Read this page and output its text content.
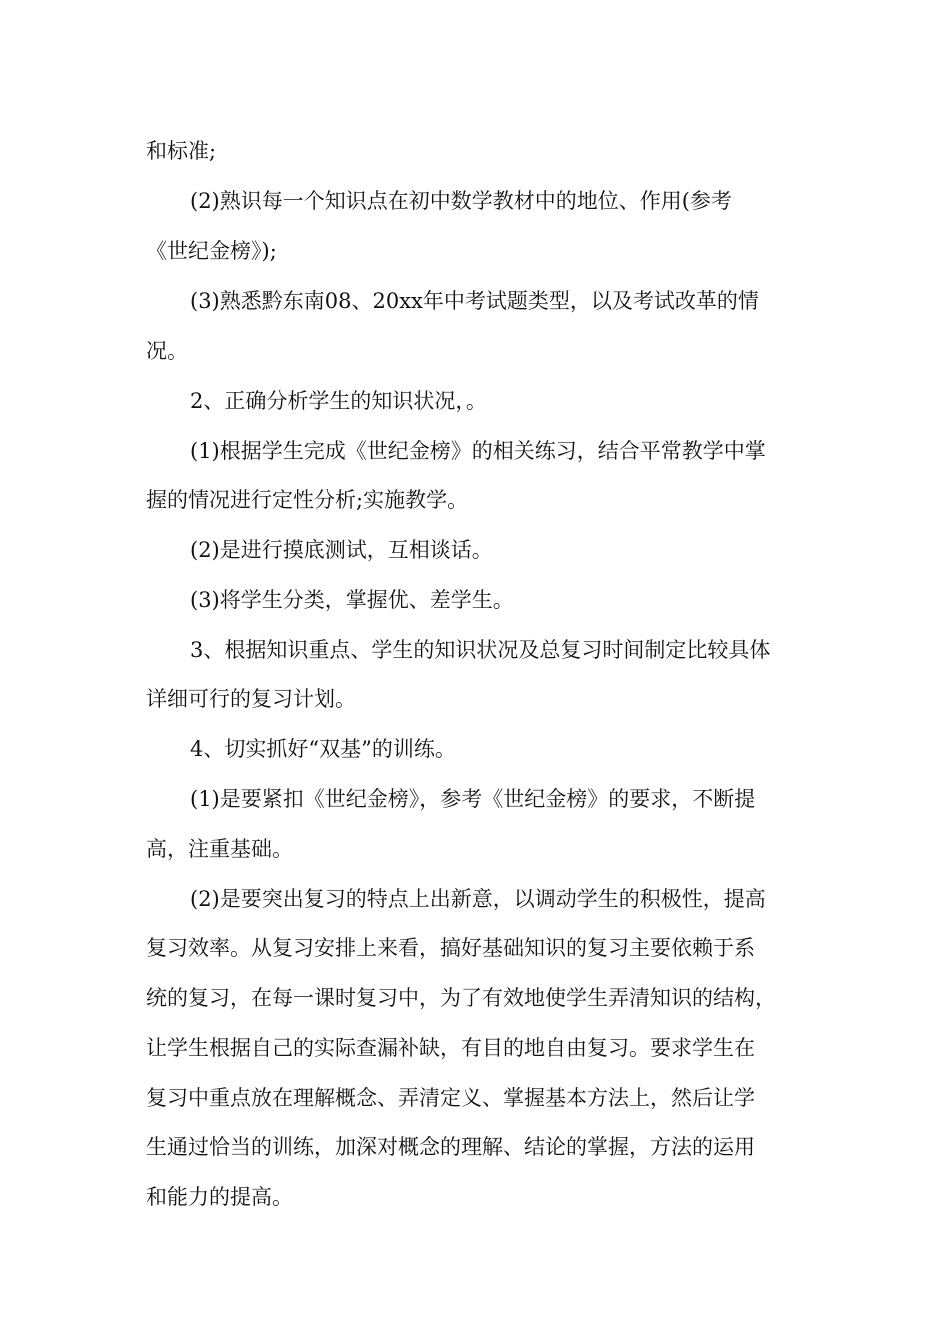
和标准;
(2)熟识每一个知识点在初中数学教材中的地位、作用(参考
《世纪金榜》);
(3)熟悉黔东南08、20xx年中考试题类型，以及考试改革的情
况。
2、正确分析学生的知识状况，。
(1)根据学生完成《世纪金榜》的相关练习，结合平常教学中掌
握的情况进行定性分析;实施教学。
(2)是进行摸底测试，互相谈话。
(3)将学生分类，掌握优、差学生。
3、根据知识重点、学生的知识状况及总复习时间制定比较具体
详细可行的复习计划。
4、切实抓好“双基”的训练。
(1)是要紧扣《世纪金榜》，参考《世纪金榜》的要求，不断提
高，注重基础。
(2)是要突出复习的特点上出新意，以调动学生的积极性，提高
复习效率。从复习安排上来看，搞好基础知识的复习主要依赖于系
统的复习，在每一课时复习中，为了有效地使学生弄清知识的结构，
让学生根据自己的实际查漏补缺，有目的地自由复习。要求学生在
复习中重点放在理解概念、弄清定义、掌握基本方法上，然后让学
生通过恰当的训练，加深对概念的理解、结论的掌握，方法的运用
和能力的提高。
